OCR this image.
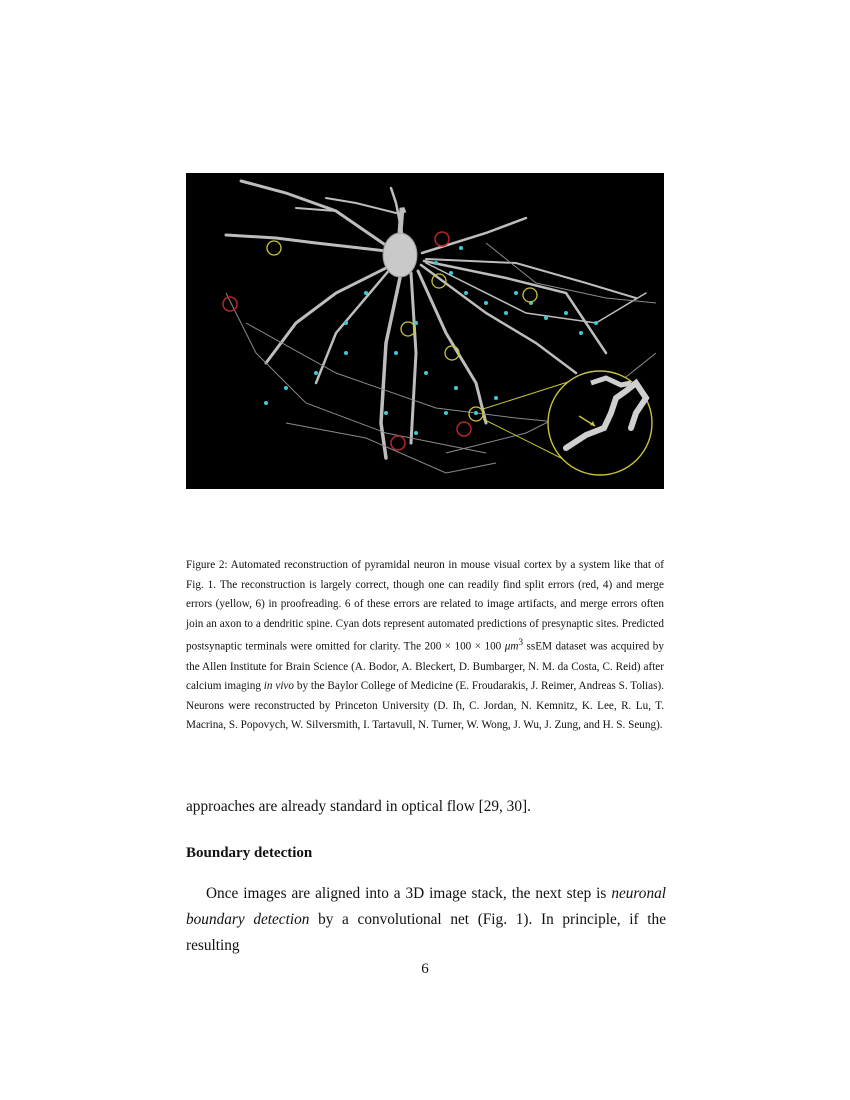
Figure 2: Automated reconstruction of pyramidal neuron in mouse visual cortex by a system like that of Fig. 1. The reconstruction is largely correct, though one can readily find split errors (red, 4) and merge errors (yellow, 6) in proofreading. 6 of these errors are related to image artifacts, and merge errors often join an axon to a dendritic spine. Cyan dots represent automated predictions of presynaptic sites. Predicted postsynaptic terminals were omitted for clarity. The 200 × 100 × 100 $\mu m^3$ ssEM dataset was acquired by the Allen Institute for Brain Science (A. Bodor, A. Bleckert, D. Bumbarger, N. M. da Costa, C. Reid) after calcium imaging in vivo by the Baylor College of Medicine (E. Froudarakis, J. Reimer, Andreas S. Tolias). Neurons were reconstructed by Princeton University (D. Ih, C. Jordan, N. Kemnitz, K. Lee, R. Lu, T. Macrina, S. Popovych, W. Silversmith, I. Tartavull, N. Turner, W. Wong, J. Wu, J. Zung, and H. S. Seung).
approaches are already standard in optical flow [29, 30].
Boundary detection
Once images are aligned into a 3D image stack, the next step is neuronal boundary detection by a convolutional net (Fig. 1). In principle, if the resulting
6
